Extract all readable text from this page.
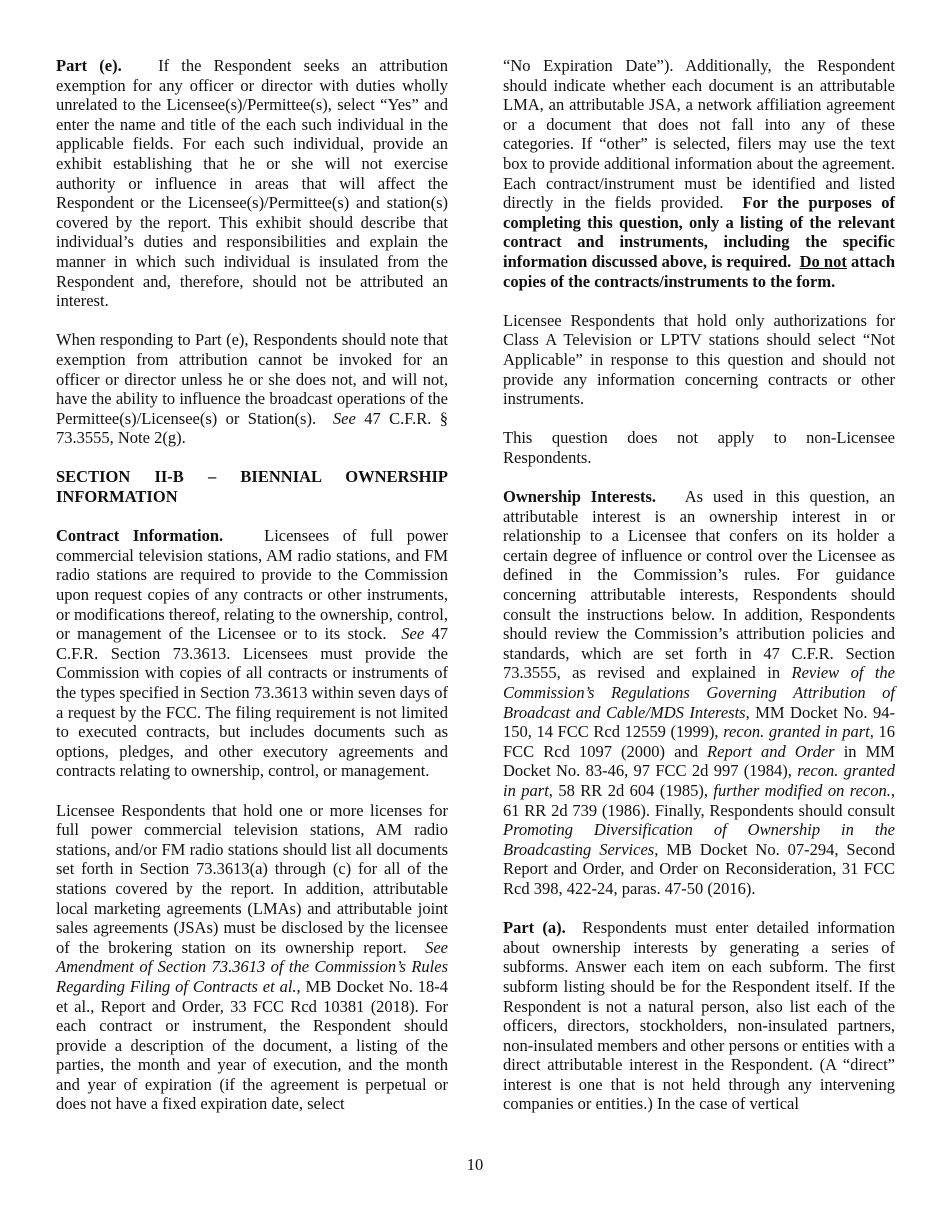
Part (e). If the Respondent seeks an attribution exemption for any officer or director with duties wholly unrelated to the Licensee(s)/Permittee(s), select “Yes” and enter the name and title of the each such individual in the applicable fields. For each such individual, provide an exhibit establishing that he or she will not exercise authority or influence in areas that will affect the Respondent or the Licensee(s)/Permittee(s) and station(s) covered by the report. This exhibit should describe that individual’s duties and responsibilities and explain the manner in which such individual is insulated from the Respondent and, therefore, should not be attributed an interest.

When responding to Part (e), Respondents should note that exemption from attribution cannot be invoked for an officer or director unless he or she does not, and will not, have the ability to influence the broadcast operations of the Permittee(s)/Licensee(s) or Station(s). See 47 C.F.R. § 73.3555, Note 2(g).

SECTION II-B – BIENNIAL OWNERSHIP INFORMATION

Contract Information. Licensees of full power commercial television stations, AM radio stations, and FM radio stations are required to provide to the Commission upon request copies of any contracts or other instruments, or modifications thereof, relating to the ownership, control, or management of the Licensee or to its stock. See 47 C.F.R. Section 73.3613. Licensees must provide the Commission with copies of all contracts or instruments of the types specified in Section 73.3613 within seven days of a request by the FCC. The filing requirement is not limited to executed contracts, but includes documents such as options, pledges, and other executory agreements and contracts relating to ownership, control, or management.

Licensee Respondents that hold one or more licenses for full power commercial television stations, AM radio stations, and/or FM radio stations should list all documents set forth in Section 73.3613(a) through (c) for all of the stations covered by the report. In addition, attributable local marketing agreements (LMAs) and attributable joint sales agreements (JSAs) must be disclosed by the licensee of the brokering station on its ownership report. See Amendment of Section 73.3613 of the Commission’s Rules Regarding Filing of Contracts et al., MB Docket No. 18-4 et al., Report and Order, 33 FCC Rcd 10381 (2018). For each contract or instrument, the Respondent should provide a description of the document, a listing of the parties, the month and year of execution, and the month and year of expiration (if the agreement is perpetual or does not have a fixed expiration date, select

“No Expiration Date”). Additionally, the Respondent should indicate whether each document is an attributable LMA, an attributable JSA, a network affiliation agreement or a document that does not fall into any of these categories. If “other” is selected, filers may use the text box to provide additional information about the agreement. Each contract/instrument must be identified and listed directly in the fields provided. For the purposes of completing this question, only a listing of the relevant contract and instruments, including the specific information discussed above, is required. Do not attach copies of the contracts/instruments to the form.

Licensee Respondents that hold only authorizations for Class A Television or LPTV stations should select “Not Applicable” in response to this question and should not provide any information concerning contracts or other instruments.

This question does not apply to non-Licensee Respondents.

Ownership Interests. As used in this question, an attributable interest is an ownership interest in or relationship to a Licensee that confers on its holder a certain degree of influence or control over the Licensee as defined in the Commission’s rules. For guidance concerning attributable interests, Respondents should consult the instructions below. In addition, Respondents should review the Commission’s attribution policies and standards, which are set forth in 47 C.F.R. Section 73.3555, as revised and explained in Review of the Commission’s Regulations Governing Attribution of Broadcast and Cable/MDS Interests, MM Docket No. 94-150, 14 FCC Rcd 12559 (1999), recon. granted in part, 16 FCC Rcd 1097 (2000) and Report and Order in MM Docket No. 83-46, 97 FCC 2d 997 (1984), recon. granted in part, 58 RR 2d 604 (1985), further modified on recon., 61 RR 2d 739 (1986). Finally, Respondents should consult Promoting Diversification of Ownership in the Broadcasting Services, MB Docket No. 07-294, Second Report and Order, and Order on Reconsideration, 31 FCC Rcd 398, 422-24, paras. 47-50 (2016).

Part (a). Respondents must enter detailed information about ownership interests by generating a series of subforms. Answer each item on each subform. The first subform listing should be for the Respondent itself. If the Respondent is not a natural person, also list each of the officers, directors, stockholders, non-insulated partners, non-insulated members and other persons or entities with a direct attributable interest in the Respondent. (A “direct” interest is one that is not held through any intervening companies or entities.) In the case of vertical

10
